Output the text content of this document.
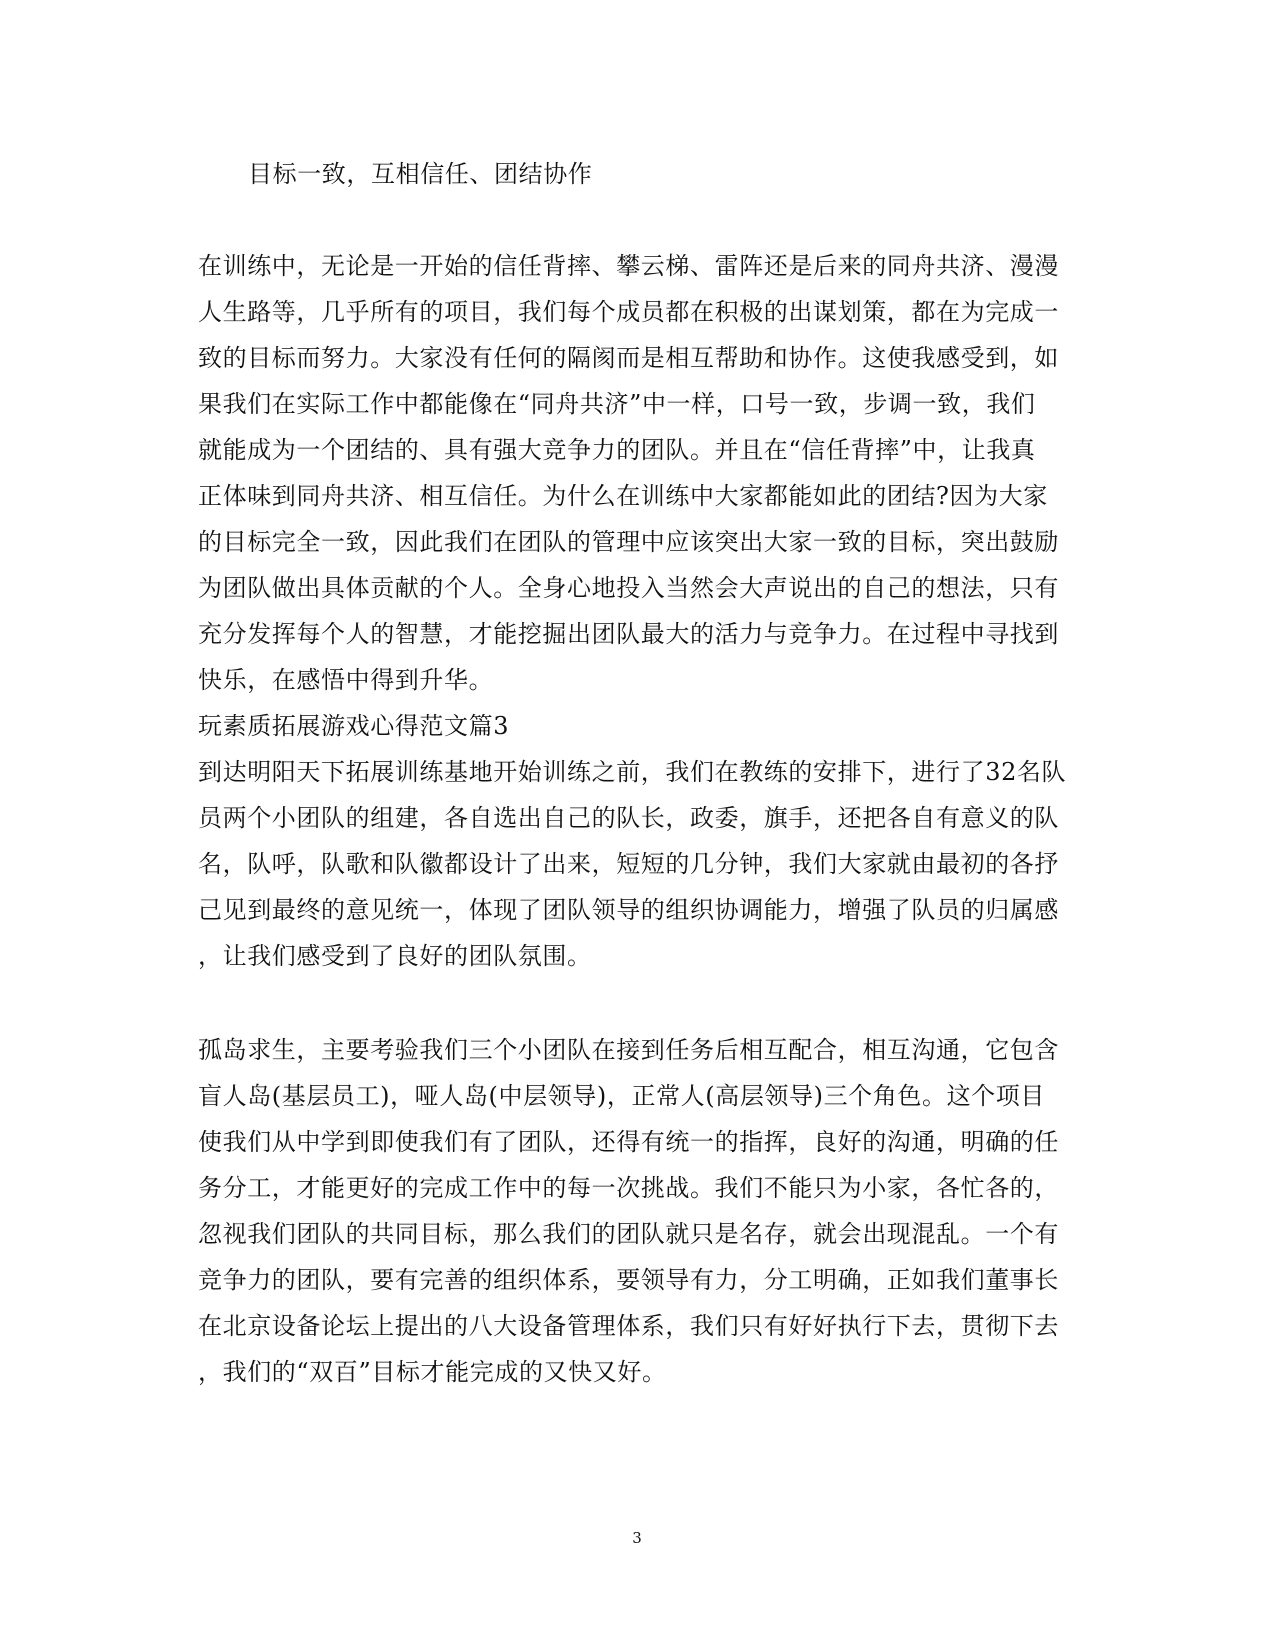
目标一致，互相信任、团结协作
在训练中，无论是一开始的信任背摔、攀云梯、雷阵还是后来的同舟共济、漫漫
人生路等，几乎所有的项目，我们每个成员都在积极的出谋划策，都在为完成一
致的目标而努力。大家没有任何的隔阂而是相互帮助和协作。这使我感受到，如
果我们在实际工作中都能像在“同舟共济”中一样，口号一致，步调一致，我们
就能成为一个团结的、具有强大竞争力的团队。并且在“信任背摔”中，让我真
正体味到同舟共济、相互信任。为什么在训练中大家都能如此的团结?因为大家
的目标完全一致，因此我们在团队的管理中应该突出大家一致的目标，突出鼓励
为团队做出具体贡献的个人。全身心地投入当然会大声说出的自己的想法，只有
充分发挥每个人的智慧，才能挖掘出团队最大的活力与竞争力。在过程中寻找到
快乐，在感悟中得到升华。
玩素质拓展游戏心得范文篇3
到达明阳天下拓展训练基地开始训练之前，我们在教练的安排下，进行了32名队
员两个小团队的组建，各自选出自己的队长，政委，旗手，还把各自有意义的队
名，队呼，队歌和队徽都设计了出来，短短的几分钟，我们大家就由最初的各抒
己见到最终的意见统一，体现了团队领导的组织协调能力，增强了队员的归属感
，让我们感受到了良好的团队氛围。
孤岛求生，主要考验我们三个小团队在接到任务后相互配合，相互沟通，它包含
盲人岛(基层员工)，哑人岛(中层领导)，正常人(高层领导)三个角色。这个项目
使我们从中学到即使我们有了团队，还得有统一的指挥，良好的沟通，明确的任
务分工，才能更好的完成工作中的每一次挑战。我们不能只为小家，各忙各的，
忽视我们团队的共同目标，那么我们的团队就只是名存，就会出现混乱。一个有
竞争力的团队，要有完善的组织体系，要领导有力，分工明确，正如我们董事长
在北京设备论坛上提出的八大设备管理体系，我们只有好好执行下去，贯彻下去
，我们的“双百”目标才能完成的又快又好。
3
